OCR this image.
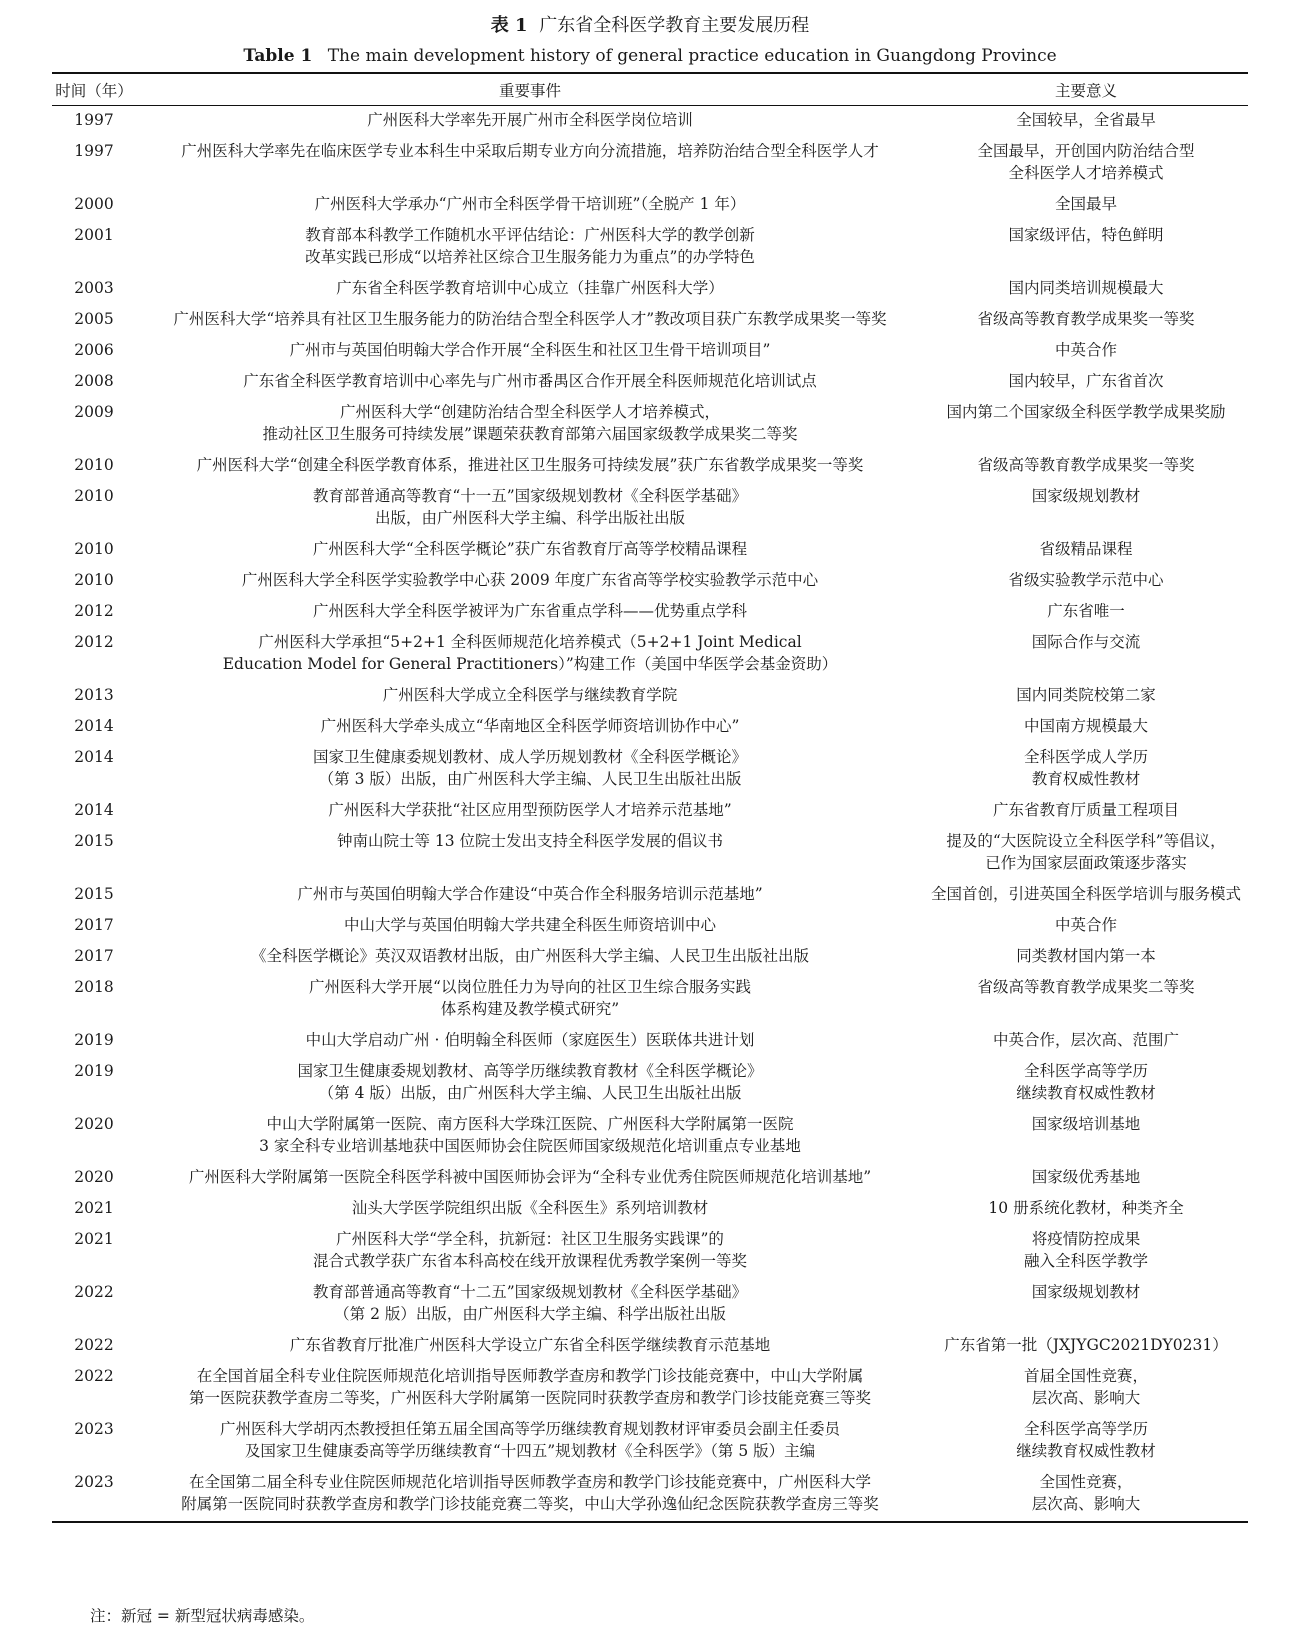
表 1 广东省全科医学教育主要发展历程
Table 1 The main development history of general practice education in Guangdong Province
时间（年）	重要事件	主要意义
1997	广州医科大学率先开展广州市全科医学岗位培训	全国较早，全省最早
1997	广州医科大学率先在临床医学专业本科生中采取后期专业方向分流措施，培养防治结合型全科医学人才	全国最早，开创国内防治结合型
全科医学人才培养模式
2000	广州医科大学承办“广州市全科医学骨干培训班”（全脱产 1 年）	全国最早
2001	教育部本科教学工作随机水平评估结论：广州医科大学的教学创新
改革实践已形成“以培养社区综合卫生服务能力为重点”的办学特色	国家级评估，特色鲜明
2003	广东省全科医学教育培训中心成立（挂靠广州医科大学）	国内同类培训规模最大
2005	广州医科大学“培养具有社区卫生服务能力的防治结合型全科医学人才”教改项目获广东教学成果奖一等奖	省级高等教育教学成果奖一等奖
2006	广州市与英国伯明翰大学合作开展“全科医生和社区卫生骨干培训项目”	中英合作
2008	广东省全科医学教育培训中心率先与广州市番禺区合作开展全科医师规范化培训试点	国内较早，广东省首次
2009	广州医科大学“创建防治结合型全科医学人才培养模式，
推动社区卫生服务可持续发展”课题荣获教育部第六届国家级教学成果奖二等奖	国内第二个国家级全科医学教学成果奖励
2010	广州医科大学“创建全科医学教育体系，推进社区卫生服务可持续发展”获广东省教学成果奖一等奖	省级高等教育教学成果奖一等奖
2010	教育部普通高等教育“十一五”国家级规划教材《全科医学基础》
出版，由广州医科大学主编、科学出版社出版	国家级规划教材
2010	广州医科大学“全科医学概论”获广东省教育厅高等学校精品课程	省级精品课程
2010	广州医科大学全科医学实验教学中心获 2009 年度广东省高等学校实验教学示范中心	省级实验教学示范中心
2012	广州医科大学全科医学被评为广东省重点学科——优势重点学科	广东省唯一
2012	广州医科大学承担“5+2+1 全科医师规范化培养模式（5+2+1 Joint Medical
Education Model for General Practitioners）”构建工作（美国中华医学会基金资助）	国际合作与交流
2013	广州医科大学成立全科医学与继续教育学院	国内同类院校第二家
2014	广州医科大学牵头成立“华南地区全科医学师资培训协作中心”	中国南方规模最大
2014	国家卫生健康委规划教材、成人学历规划教材《全科医学概论》
（第 3 版）出版，由广州医科大学主编、人民卫生出版社出版	全科医学成人学历
教育权威性教材
2014	广州医科大学获批“社区应用型预防医学人才培养示范基地”	广东省教育厅质量工程项目
2015	钟南山院士等 13 位院士发出支持全科医学发展的倡议书	提及的“大医院设立全科医学科”等倡议，
已作为国家层面政策逐步落实
2015	广州市与英国伯明翰大学合作建设“中英合作全科服务培训示范基地”	全国首创，引进英国全科医学培训与服务模式
2017	中山大学与英国伯明翰大学共建全科医生师资培训中心	中英合作
2017	《全科医学概论》英汉双语教材出版，由广州医科大学主编、人民卫生出版社出版	同类教材国内第一本
2018	广州医科大学开展“以岗位胜任力为导向的社区卫生综合服务实践
体系构建及教学模式研究”	省级高等教育教学成果奖二等奖
2019	中山大学启动广州 · 伯明翰全科医师（家庭医生）医联体共进计划	中英合作，层次高、范围广
2019	国家卫生健康委规划教材、高等学历继续教育教材《全科医学概论》
（第 4 版）出版，由广州医科大学主编、人民卫生出版社出版	全科医学高等学历
继续教育权威性教材
2020	中山大学附属第一医院、南方医科大学珠江医院、广州医科大学附属第一医院
3 家全科专业培训基地获中国医师协会住院医师国家级规范化培训重点专业基地	国家级培训基地
2020	广州医科大学附属第一医院全科医学科被中国医师协会评为“全科专业优秀住院医师规范化培训基地”	国家级优秀基地
2021	汕头大学医学院组织出版《全科医生》系列培训教材	10 册系统化教材，种类齐全
2021	广州医科大学“学全科，抗新冠：社区卫生服务实践课”的
混合式教学获广东省本科高校在线开放课程优秀教学案例一等奖	将疫情防控成果
融入全科医学教学
2022	教育部普通高等教育“十二五”国家级规划教材《全科医学基础》
（第 2 版）出版，由广州医科大学主编、科学出版社出版	国家级规划教材
2022	广东省教育厅批准广州医科大学设立广东省全科医学继续教育示范基地	广东省第一批（JXJYGC2021DY0231）
2022	在全国首届全科专业住院医师规范化培训指导医师教学查房和教学门诊技能竞赛中，中山大学附属
第一医院获教学查房二等奖，广州医科大学附属第一医院同时获教学查房和教学门诊技能竞赛三等奖	首届全国性竞赛，
层次高、影响大
2023	广州医科大学胡丙杰教授担任第五届全国高等学历继续教育规划教材评审委员会副主任委员
及国家卫生健康委高等学历继续教育“十四五”规划教材《全科医学》（第 5 版）主编	全科医学高等学历
继续教育权威性教材
2023	在全国第二届全科专业住院医师规范化培训指导医师教学查房和教学门诊技能竞赛中，广州医科大学
附属第一医院同时获教学查房和教学门诊技能竞赛二等奖，中山大学孙逸仙纪念医院获教学查房三等奖	全国性竞赛，
层次高、影响大
注：新冠 = 新型冠状病毒感染。
